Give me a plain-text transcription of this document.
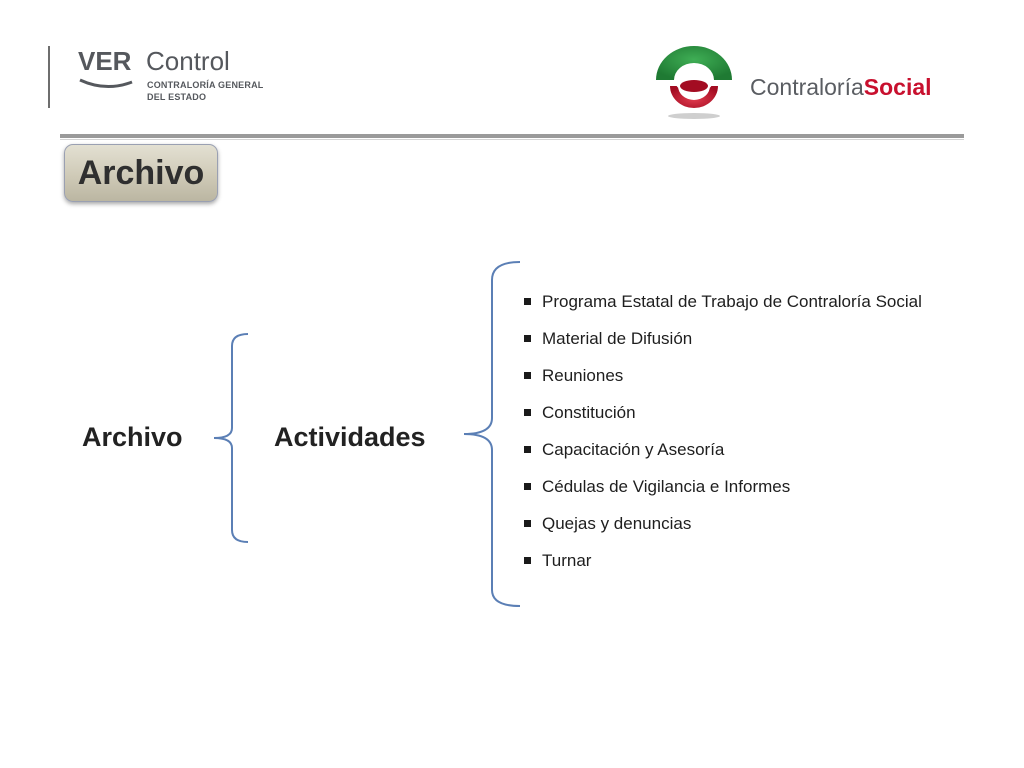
VER Control
CONTRALORÍA GENERAL
DEL ESTADO	ContraloríaSocial
Archivo
Archivo	Actividades
Programa Estatal de Trabajo de Contraloría Social
Material de Difusión
Reuniones
Constitución
Capacitación y Asesoría
Cédulas de Vigilancia e Informes
Quejas y denuncias
Turnar
